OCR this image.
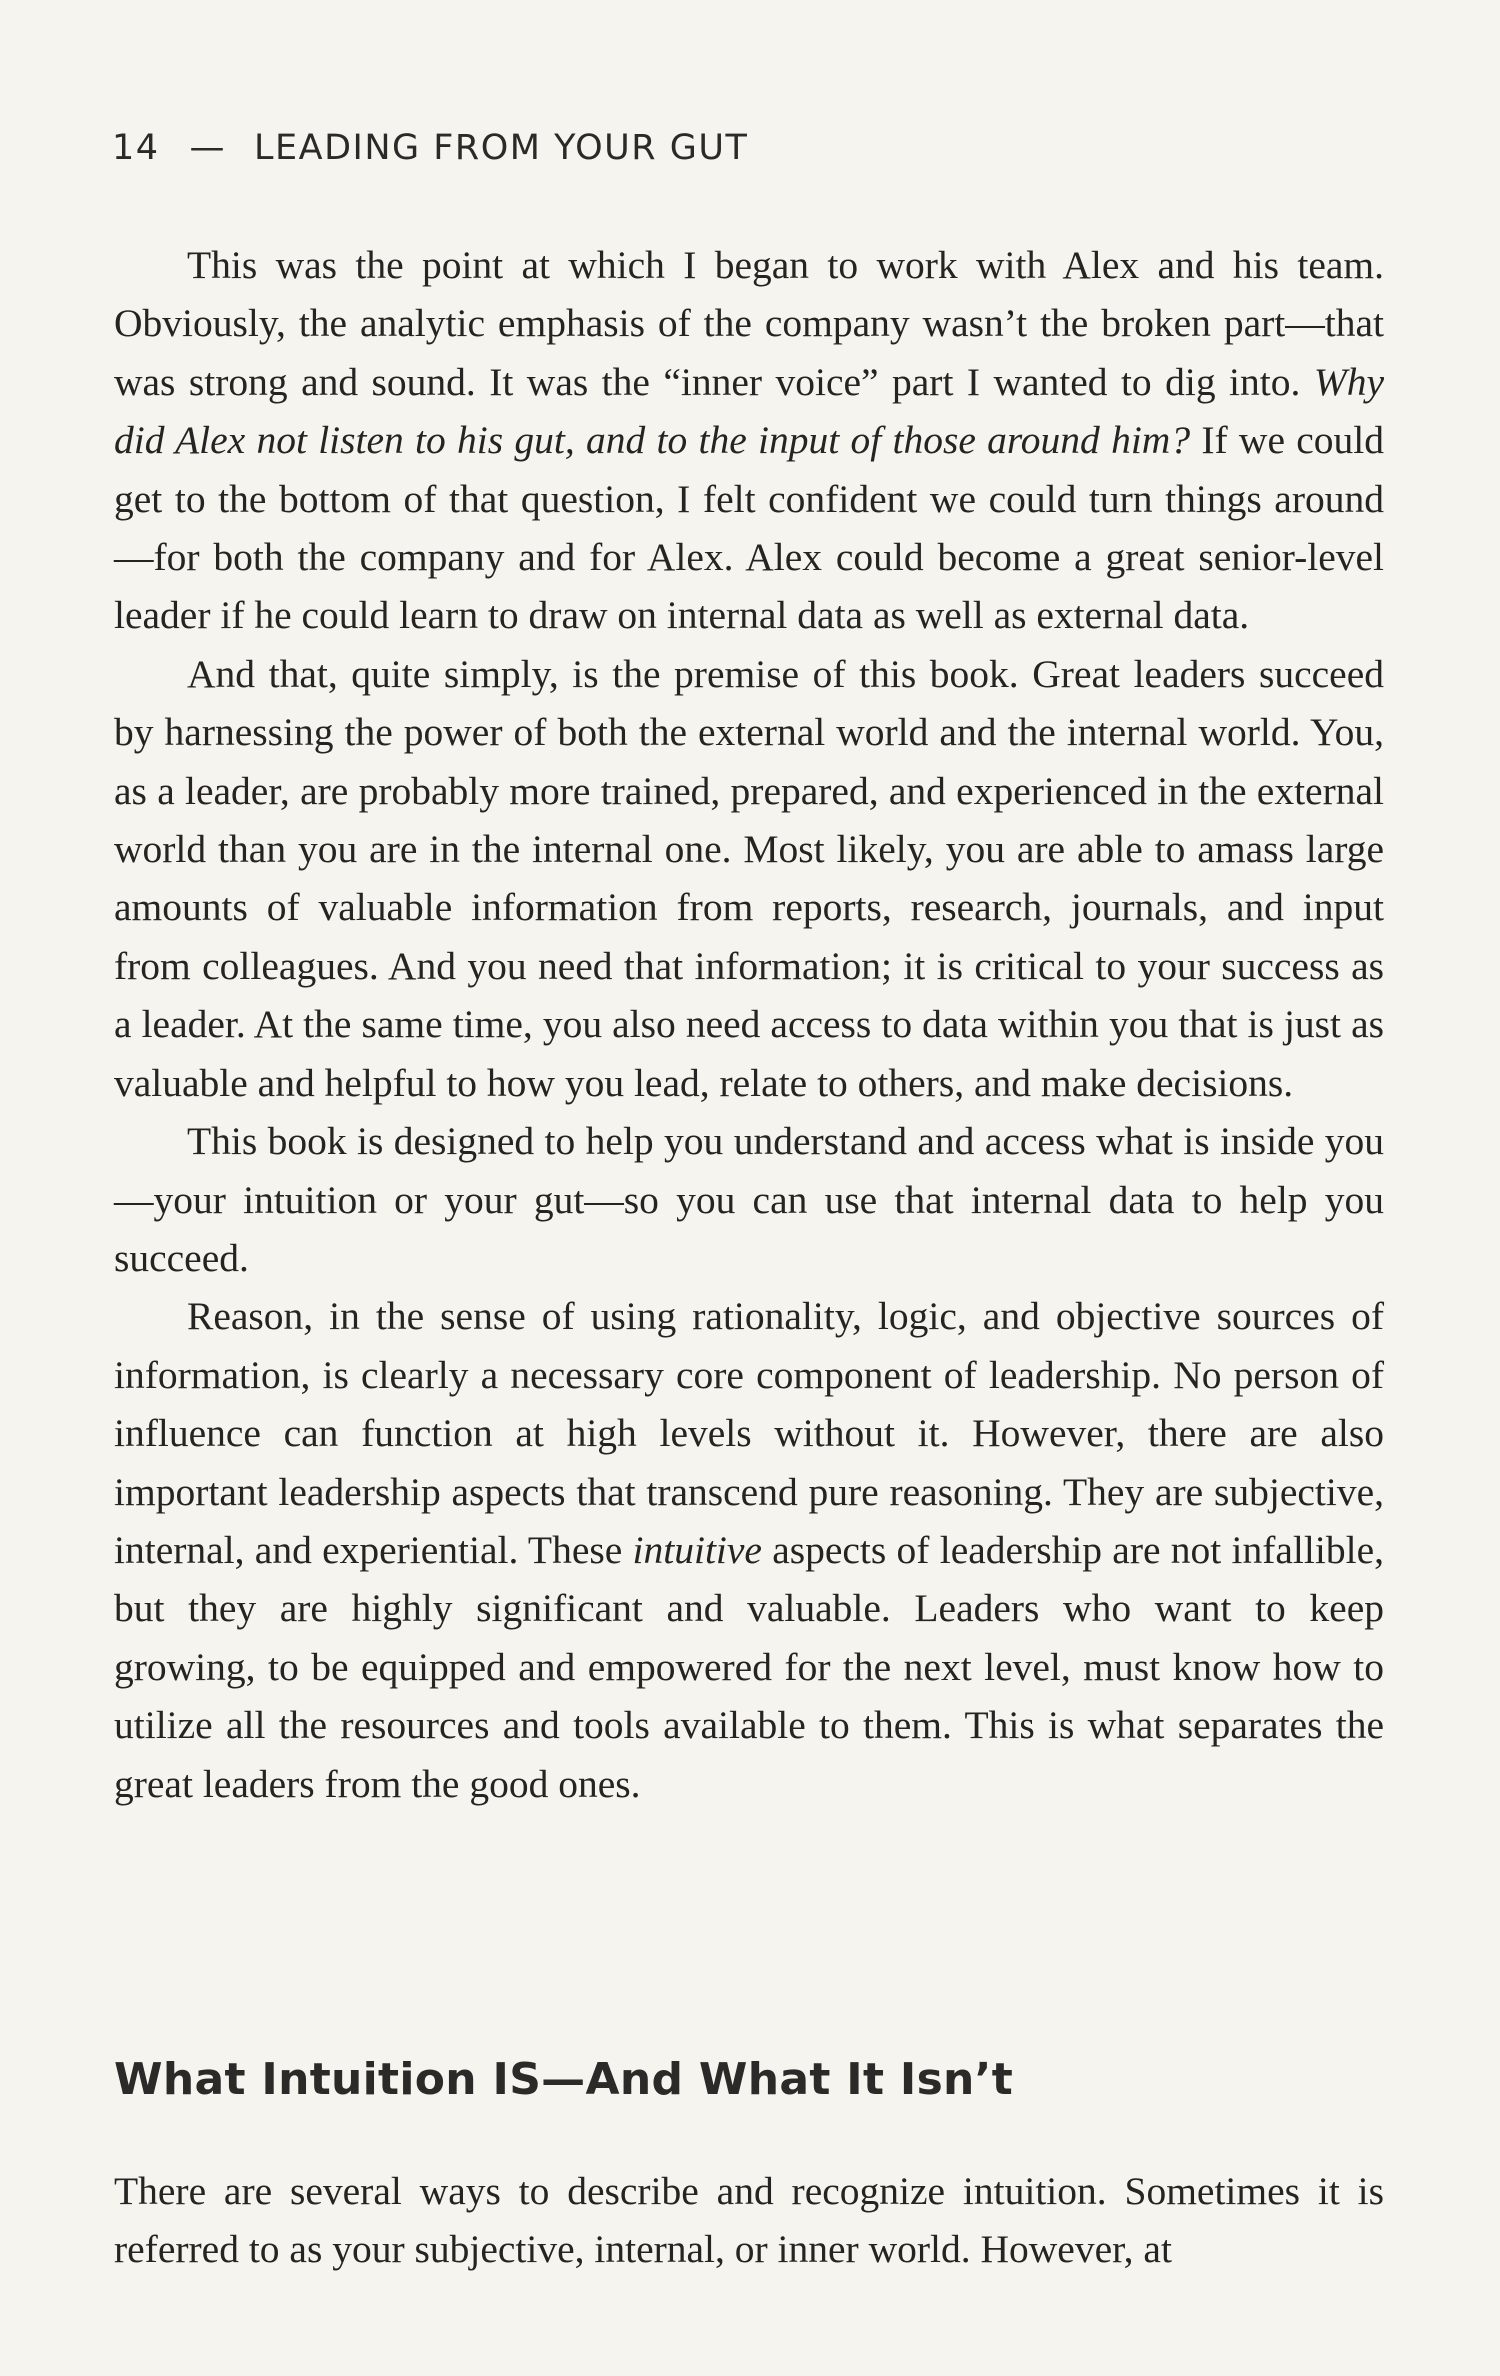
14 — LEADING FROM YOUR GUT

This was the point at which I began to work with Alex and his team. Obviously, the analytic emphasis of the company wasn’t the broken part—that was strong and sound. It was the “inner voice” part I wanted to dig into. Why did Alex not listen to his gut, and to the input of those around him? If we could get to the bottom of that question, I felt confident we could turn things around—for both the company and for Alex. Alex could become a great senior-level leader if he could learn to draw on internal data as well as external data.

And that, quite simply, is the premise of this book. Great leaders succeed by harnessing the power of both the external world and the internal world. You, as a leader, are probably more trained, prepared, and experienced in the external world than you are in the internal one. Most likely, you are able to amass large amounts of valuable information from reports, research, journals, and input from colleagues. And you need that information; it is critical to your success as a leader. At the same time, you also need access to data within you that is just as valuable and helpful to how you lead, relate to others, and make decisions.

This book is designed to help you understand and access what is inside you—your intuition or your gut—so you can use that internal data to help you succeed.

Reason, in the sense of using rationality, logic, and objective sources of information, is clearly a necessary core component of leadership. No person of influence can function at high levels without it. However, there are also important leadership aspects that transcend pure reasoning. They are subjective, internal, and experiential. These intuitive aspects of leadership are not infallible, but they are highly significant and valuable. Leaders who want to keep growing, to be equipped and empowered for the next level, must know how to utilize all the resources and tools available to them. This is what separates the great leaders from the good ones.

What Intuition IS—And What It Isn’t

There are several ways to describe and recognize intuition. Sometimes it is referred to as your subjective, internal, or inner world. However, at
